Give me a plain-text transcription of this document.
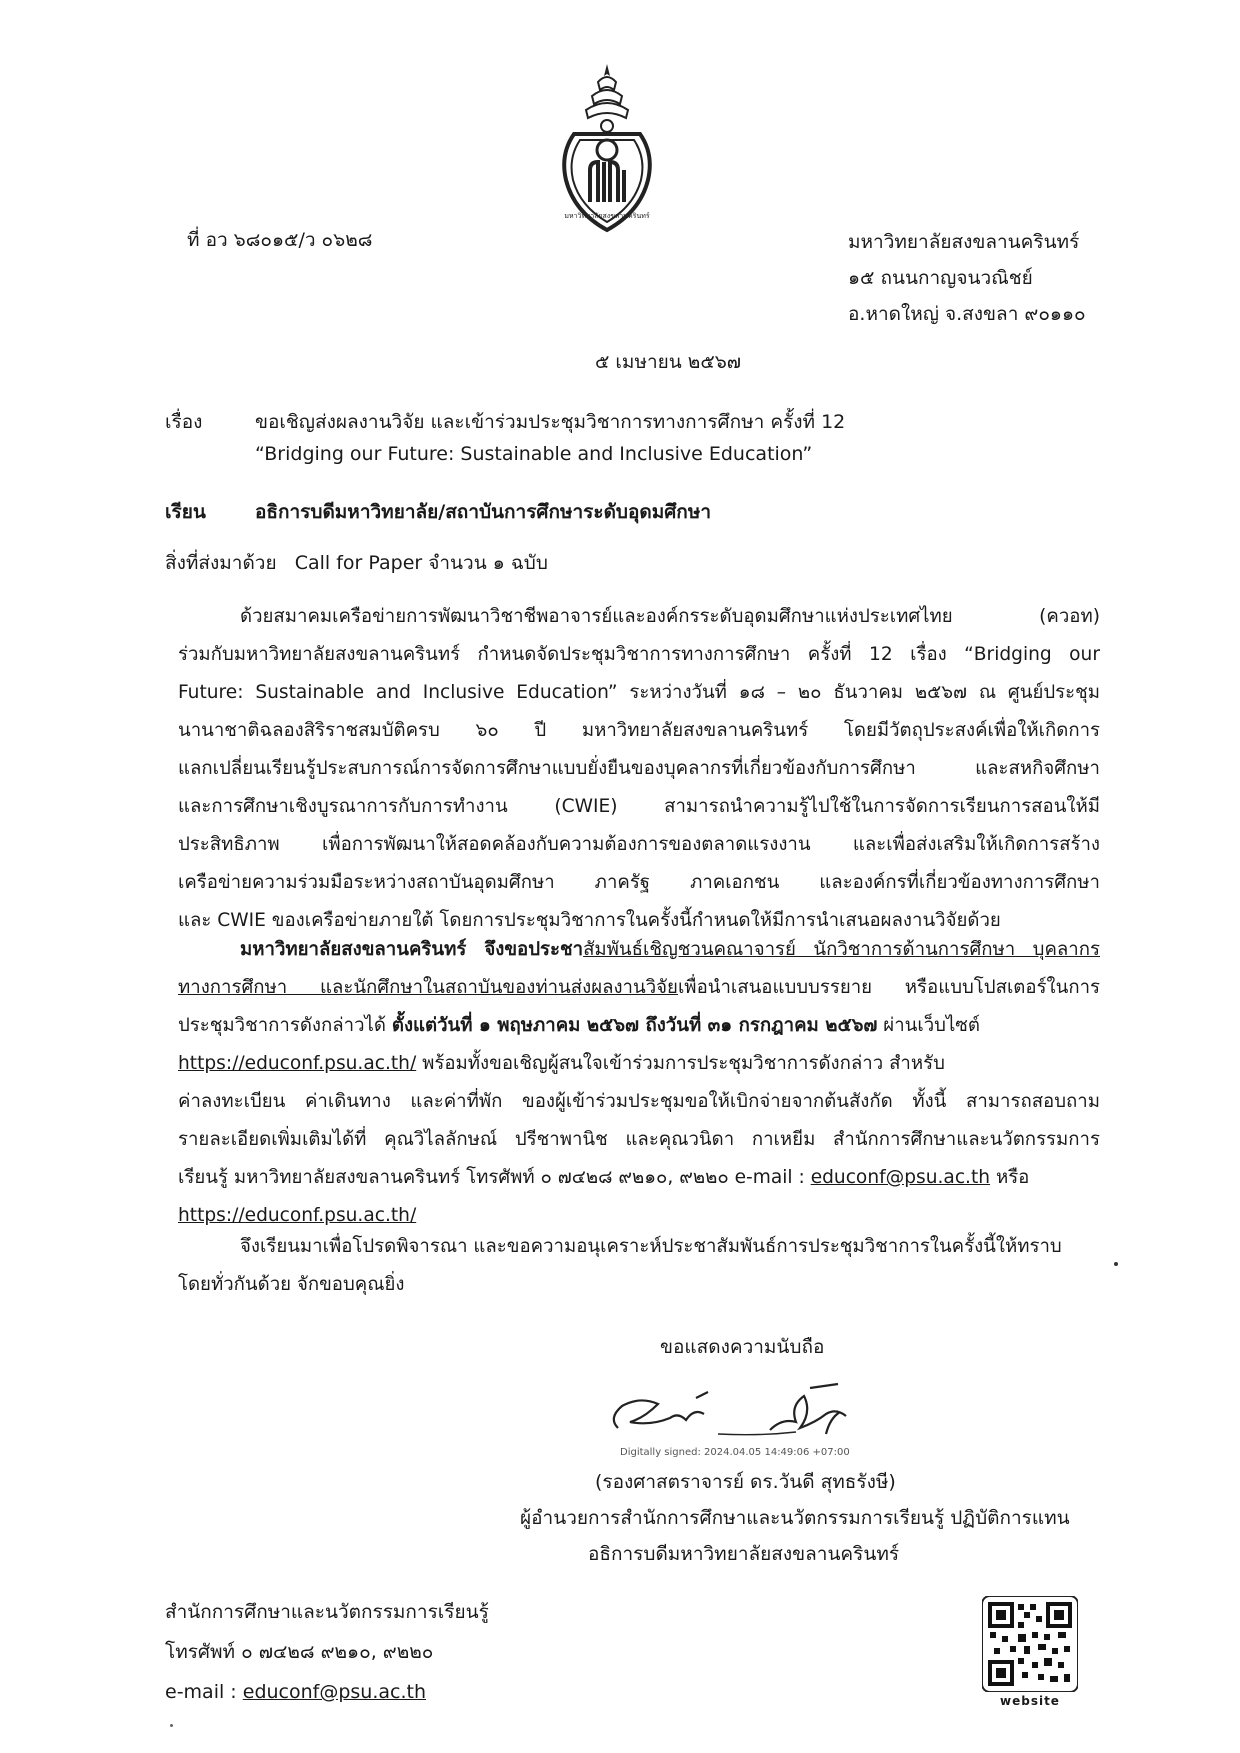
มหาวิทยาลัยสงขลานครินทร์
ที่ อว ๖๘๐๑๕/ว ๐๖๒๘	มหาวิทยาลัยสงขลานครินทร์
๑๕ ถนนกาญจนวณิชย์
อ.หาดใหญ่ จ.สงขลา ๙๐๑๑๐
๕ เมษายน ๒๕๖๗
เรื่อง	ขอเชิญส่งผลงานวิจัย และเข้าร่วมประชุมวิชาการทางการศึกษา ครั้งที่ 12
“Bridging our Future: Sustainable and Inclusive Education”
เรียน	อธิการบดีมหาวิทยาลัย/สถาบันการศึกษาระดับอุดมศึกษา
สิ่งที่ส่งมาด้วย   Call for Paper จำนวน ๑ ฉบับ
ด้วยสมาคมเครือข่ายการพัฒนาวิชาชีพอาจารย์และองค์กรระดับอุดมศึกษาแห่งประเทศไทย (ควอท)
ร่วมกับมหาวิทยาลัยสงขลานครินทร์ กำหนดจัดประชุมวิชาการทางการศึกษา ครั้งที่ 12 เรื่อง “Bridging our
Future: Sustainable and Inclusive Education” ระหว่างวันที่ ๑๘ – ๒๐ ธันวาคม ๒๕๖๗ ณ ศูนย์ประชุม
นานาชาติฉลองสิริราชสมบัติครบ ๖๐ ปี มหาวิทยาลัยสงขลานครินทร์ โดยมีวัตถุประสงค์เพื่อให้เกิดการ
แลกเปลี่ยนเรียนรู้ประสบการณ์การจัดการศึกษาแบบยั่งยืนของบุคลากรที่เกี่ยวข้องกับการศึกษา และสหกิจศึกษา
และการศึกษาเชิงบูรณาการกับการทำงาน (CWIE) สามารถนำความรู้ไปใช้ในการจัดการเรียนการสอนให้มี
ประสิทธิภาพ เพื่อการพัฒนาให้สอดคล้องกับความต้องการของตลาดแรงงาน และเพื่อส่งเสริมให้เกิดการสร้าง
เครือข่ายความร่วมมือระหว่างสถาบันอุดมศึกษา ภาครัฐ ภาคเอกชน และองค์กรที่เกี่ยวข้องทางการศึกษา
และ CWIE ของเครือข่ายภายใต้ โดยการประชุมวิชาการในครั้งนี้กำหนดให้มีการนำเสนอผลงานวิจัยด้วย
มหาวิทยาลัยสงขลานครินทร์ จึงขอประชาสัมพันธ์เชิญชวนคณาจารย์ นักวิชาการด้านการศึกษา บุคลากร
ทางการศึกษา และนักศึกษาในสถาบันของท่านส่งผลงานวิจัยเพื่อนำเสนอแบบบรรยาย หรือแบบโปสเตอร์ในการ
ประชุมวิชาการดังกล่าวได้ ตั้งแต่วันที่ ๑ พฤษภาคม ๒๕๖๗ ถึงวันที่ ๓๑ กรกฎาคม ๒๕๖๗ ผ่านเว็บไซต์
https://educonf.psu.ac.th/ พร้อมทั้งขอเชิญผู้สนใจเข้าร่วมการประชุมวิชาการดังกล่าว สำหรับ
ค่าลงทะเบียน ค่าเดินทาง และค่าที่พัก ของผู้เข้าร่วมประชุมขอให้เบิกจ่ายจากต้นสังกัด ทั้งนี้ สามารถสอบถาม
รายละเอียดเพิ่มเติมได้ที่ คุณวิไลลักษณ์ ปรีชาพานิช และคุณวนิดา กาเหยีม สำนักการศึกษาและนวัตกรรมการ
เรียนรู้ มหาวิทยาลัยสงขลานครินทร์ โทรศัพท์ ๐ ๗๔๒๘ ๙๒๑๐, ๙๒๒๐ e-mail : educonf@psu.ac.th หรือ
https://educonf.psu.ac.th/
จึงเรียนมาเพื่อโปรดพิจารณา และขอความอนุเคราะห์ประชาสัมพันธ์การประชุมวิชาการในครั้งนี้ให้ทราบ
โดยทั่วกันด้วย จักขอบคุณยิ่ง
ขอแสดงความนับถือ
Digitally signed: 2024.04.05 14:49:06 +07:00
(รองศาสตราจารย์ ดร.วันดี สุทธรังษี)
ผู้อำนวยการสำนักการศึกษาและนวัตกรรมการเรียนรู้ ปฏิบัติการแทน
อธิการบดีมหาวิทยาลัยสงขลานครินทร์
สำนักการศึกษาและนวัตกรรมการเรียนรู้
โทรศัพท์ ๐ ๗๔๒๘ ๙๒๑๐, ๙๒๒๐
e-mail : educonf@psu.ac.th	website
